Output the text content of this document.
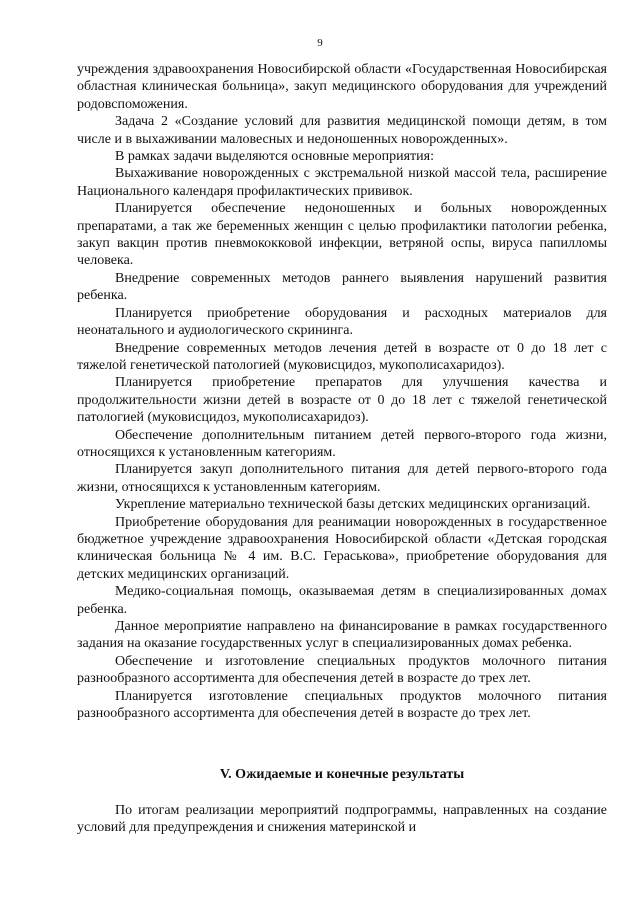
9

учреждения здравоохранения Новосибирской области «Государственная Новосибирская областная клиническая больница», закуп медицинского оборудования для учреждений родовспоможения.

Задача 2 «Создание условий для развития медицинской помощи детям, в том числе и в выхаживании маловесных и недоношенных новорожденных».

В рамках задачи выделяются основные мероприятия:

Выхаживание новорожденных с экстремальной низкой массой тела, расширение Национального календаря профилактических прививок.

Планируется обеспечение недоношенных и больных новорожденных препаратами, а так же беременных женщин с целью профилактики патологии ребенка, закуп вакцин против пневмококковой инфекции, ветряной оспы, вируса папилломы человека.

Внедрение современных методов раннего выявления нарушений развития ребенка.

Планируется приобретение оборудования и расходных материалов для неонатального и аудиологического скрининга.

Внедрение современных методов лечения детей в возрасте от 0 до 18 лет с тяжелой генетической патологией (муковисцидоз, мукополисахаридоз).

Планируется приобретение препаратов для улучшения качества и продолжительности жизни детей в возрасте от 0 до 18 лет с тяжелой генетической патологией (муковисцидоз, мукополисахаридоз).

Обеспечение дополнительным питанием детей первого-второго года жизни, относящихся к установленным категориям.

Планируется закуп дополнительного питания для детей первого-второго года жизни, относящихся к установленным категориям.

Укрепление материально технической базы детских медицинских организаций.

Приобретение оборудования для реанимации новорожденных в государственное бюджетное учреждение здравоохранения Новосибирской области «Детская городская клиническая больница № 4 им. В.С. Гераськова», приобретение оборудования для детских медицинских организаций.

Медико-социальная помощь, оказываемая детям в специализированных домах ребенка.

Данное мероприятие направлено на финансирование в рамках государственного задания на оказание государственных услуг в специализированных домах ребенка.

Обеспечение и изготовление специальных продуктов молочного питания разнообразного ассортимента для обеспечения детей в возрасте до трех лет.

Планируется изготовление специальных продуктов молочного питания разнообразного ассортимента для обеспечения детей в возрасте до трех лет.

V. Ожидаемые и конечные результаты

По итогам реализации мероприятий подпрограммы, направленных на создание условий для предупреждения и снижения материнской и
